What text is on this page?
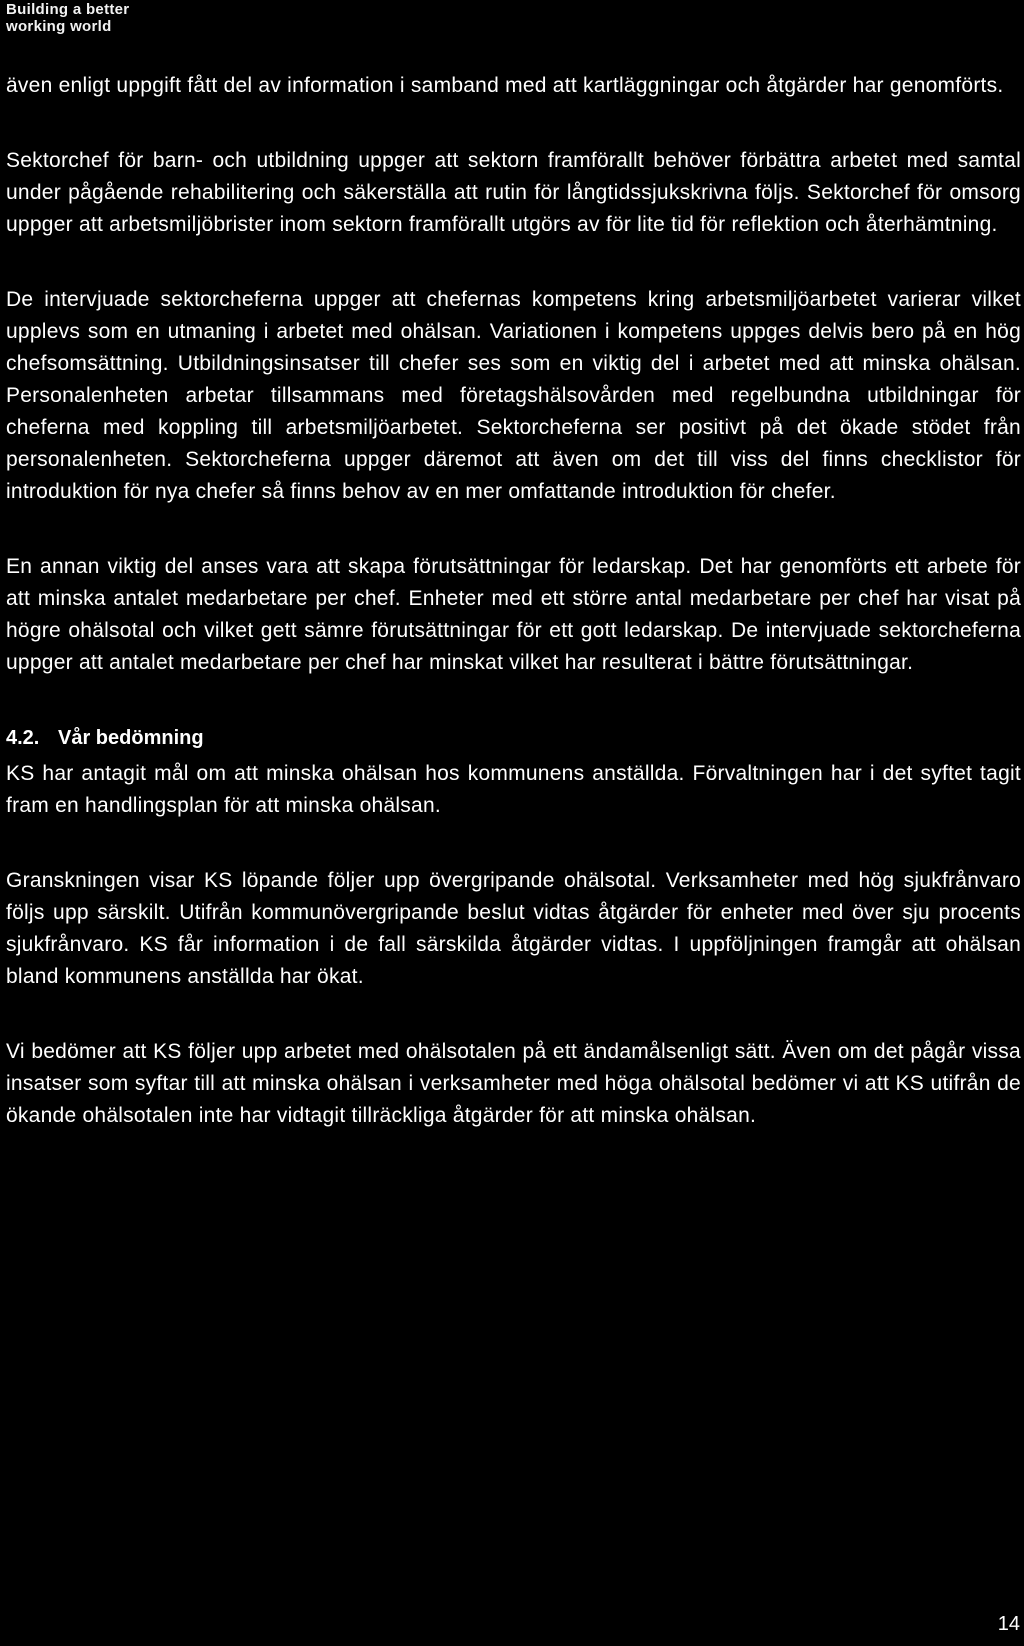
Building a better
working world

även enligt uppgift fått del av information i samband med att kartläggningar och åtgärder har genomförts.

Sektorchef för barn- och utbildning uppger att sektorn framförallt behöver förbättra arbetet med samtal under pågående rehabilitering och säkerställa att rutin för långtidssjukskrivna följs. Sektorchef för omsorg uppger att arbetsmiljöbrister inom sektorn framförallt utgörs av för lite tid för reflektion och återhämtning.

De intervjuade sektorcheferna uppger att chefernas kompetens kring arbetsmiljöarbetet varierar vilket upplevs som en utmaning i arbetet med ohälsan. Variationen i kompetens uppges delvis bero på en hög chefsomsättning. Utbildningsinsatser till chefer ses som en viktig del i arbetet med att minska ohälsan. Personalenheten arbetar tillsammans med företagshälsovården med regelbundna utbildningar för cheferna med koppling till arbetsmiljöarbetet. Sektorcheferna ser positivt på det ökade stödet från personalenheten. Sektorcheferna uppger däremot att även om det till viss del finns checklistor för introduktion för nya chefer så finns behov av en mer omfattande introduktion för chefer.

En annan viktig del anses vara att skapa förutsättningar för ledarskap. Det har genomförts ett arbete för att minska antalet medarbetare per chef. Enheter med ett större antal medarbetare per chef har visat på högre ohälsotal och vilket gett sämre förutsättningar för ett gott ledarskap. De intervjuade sektorcheferna uppger att antalet medarbetare per chef har minskat vilket har resulterat i bättre förutsättningar.

4.2. Vår bedömning

KS har antagit mål om att minska ohälsan hos kommunens anställda. Förvaltningen har i det syftet tagit fram en handlingsplan för att minska ohälsan.

Granskningen visar KS löpande följer upp övergripande ohälsotal. Verksamheter med hög sjukfrånvaro följs upp särskilt. Utifrån kommunövergripande beslut vidtas åtgärder för enheter med över sju procents sjukfrånvaro. KS får information i de fall särskilda åtgärder vidtas. I uppföljningen framgår att ohälsan bland kommunens anställda har ökat.

Vi bedömer att KS följer upp arbetet med ohälsotalen på ett ändamålsenligt sätt. Även om det pågår vissa insatser som syftar till att minska ohälsan i verksamheter med höga ohälsotal bedömer vi att KS utifrån de ökande ohälsotalen inte har vidtagit tillräckliga åtgärder för att minska ohälsan.

14
